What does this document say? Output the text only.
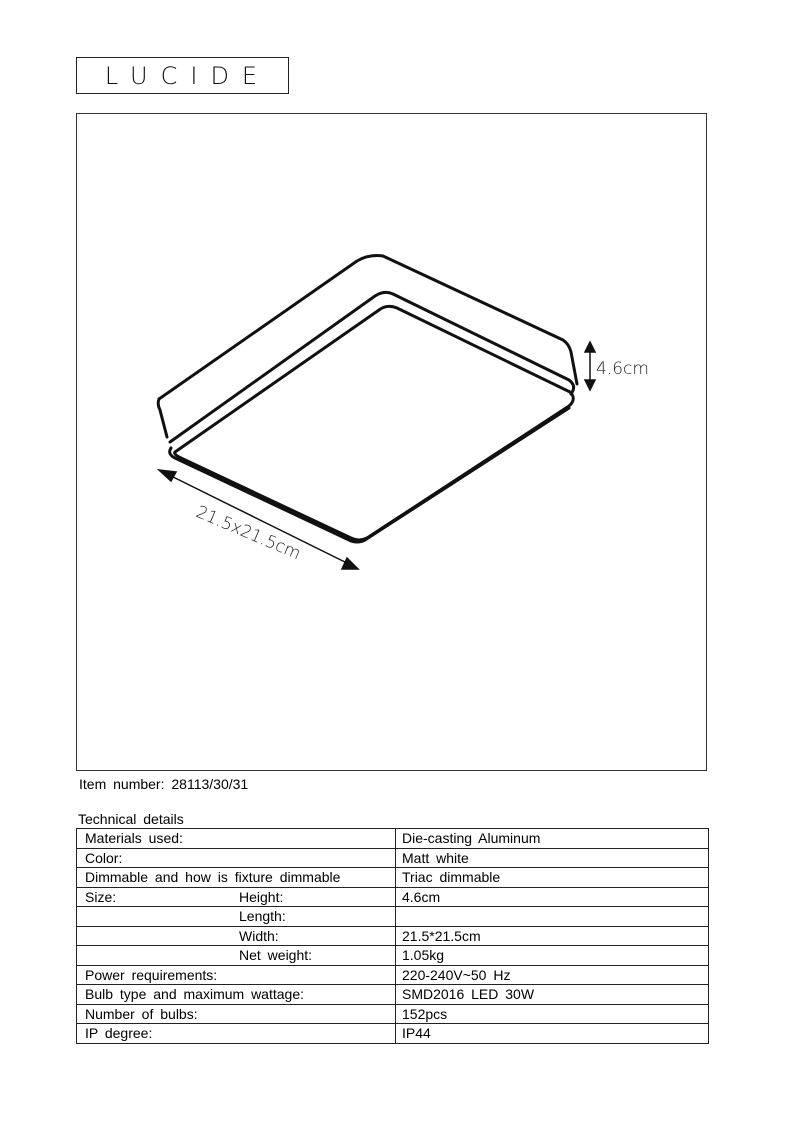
LUCIDE
4.6cm
21.5x21.5cm
Item number: 28113/30/31
Technical details
Materials used:	Die-casting Aluminum
Color:	Matt white
Dimmable and how is fixture dimmable	Triac dimmable
Size: Height:	4.6cm

Length:	

Width:	21.5*21.5cm

Net weight:	1.05kg
Power requirements:	220-240V~50 Hz
Bulb type and maximum wattage:	SMD2016 LED 30W
Number of bulbs:	152pcs
IP degree:	IP44
